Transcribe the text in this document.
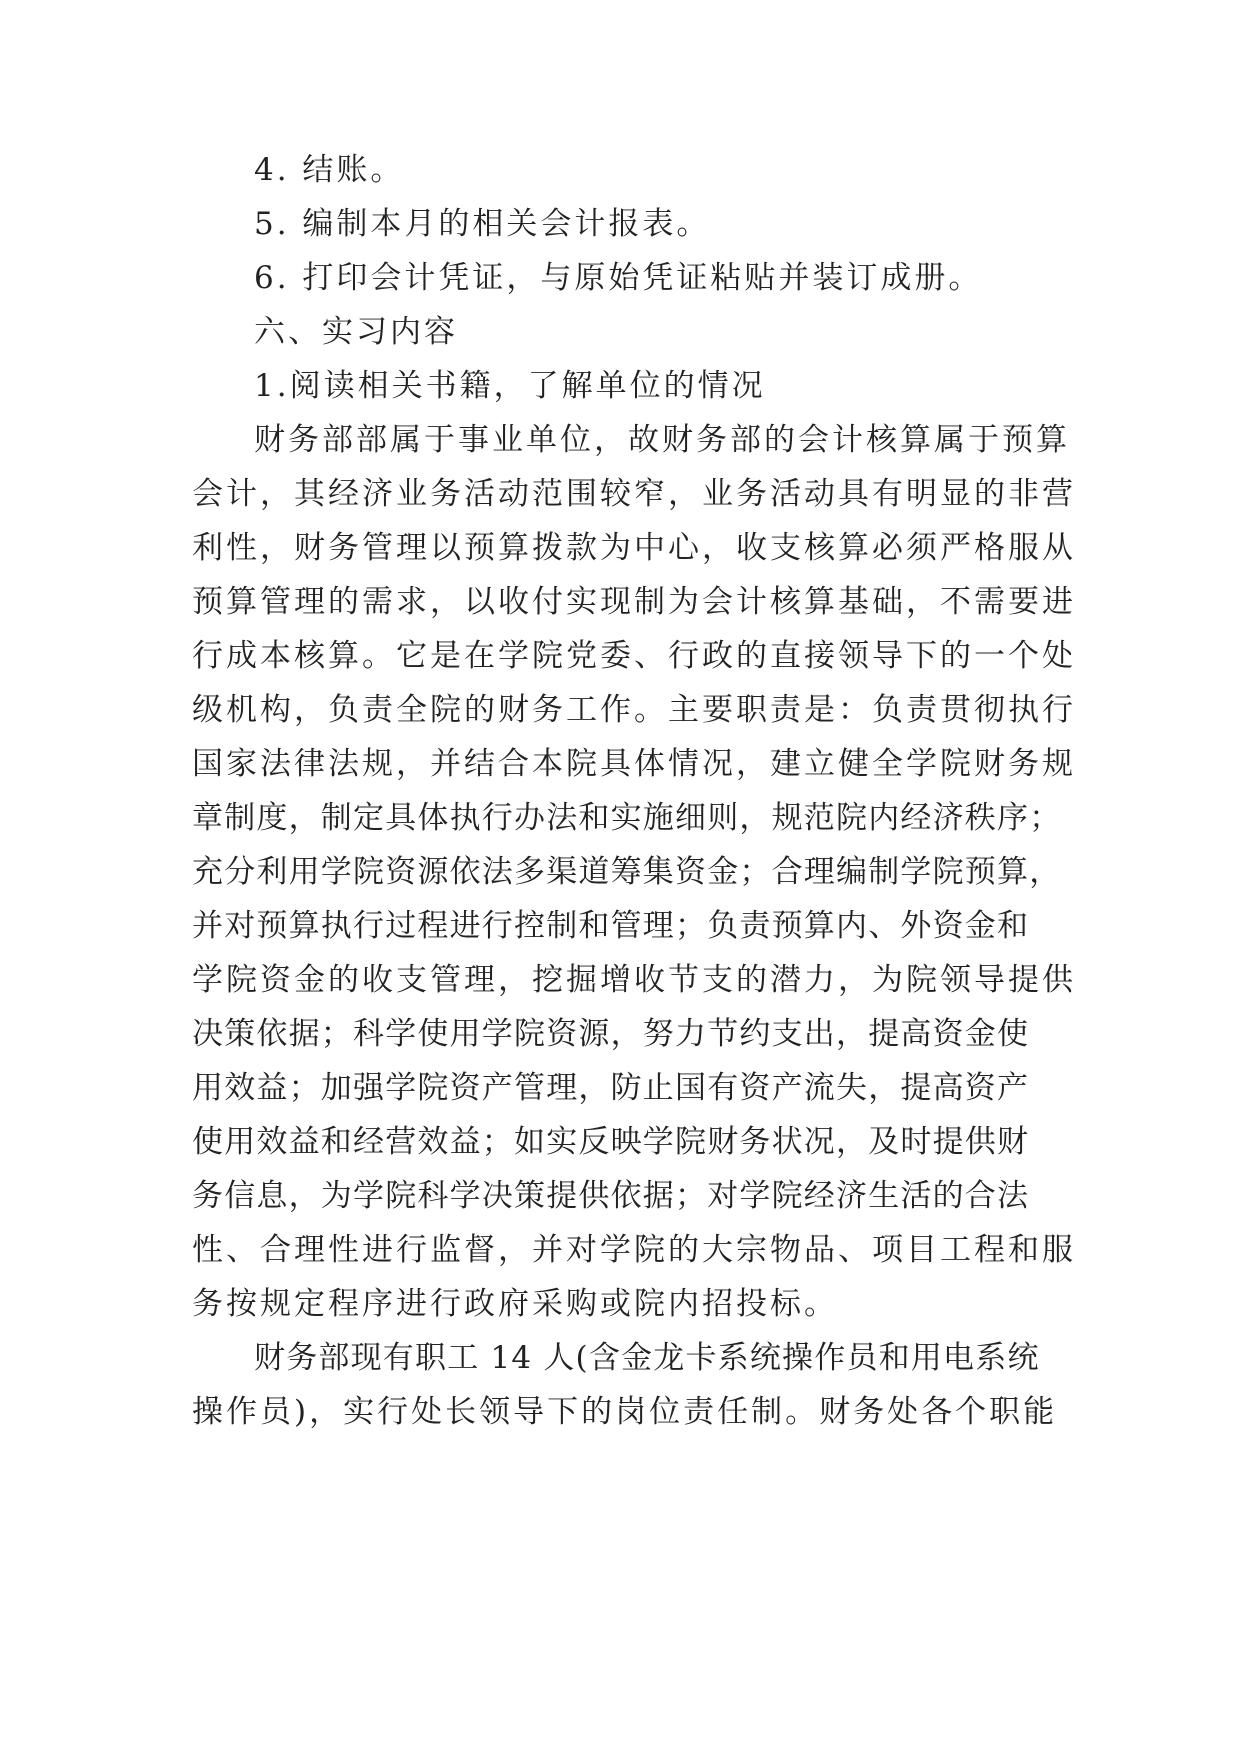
4. 结账。
5. 编制本月的相关会计报表。
6. 打印会计凭证，与原始凭证粘贴并装订成册。
六、实习内容
1.阅读相关书籍，了解单位的情况
财务部部属于事业单位，故财务部的会计核算属于预算
会计，其经济业务活动范围较窄，业务活动具有明显的非营
利性，财务管理以预算拨款为中心，收支核算必须严格服从
预算管理的需求，以收付实现制为会计核算基础，不需要进
行成本核算。它是在学院党委、行政的直接领导下的一个处
级机构，负责全院的财务工作。主要职责是：负责贯彻执行
国家法律法规，并结合本院具体情况，建立健全学院财务规
章制度，制定具体执行办法和实施细则，规范院内经济秩序；
充分利用学院资源依法多渠道筹集资金；合理编制学院预算，
并对预算执行过程进行控制和管理；负责预算内、外资金和
学院资金的收支管理，挖掘增收节支的潜力，为院领导提供
决策依据；科学使用学院资源，努力节约支出，提高资金使
用效益；加强学院资产管理，防止国有资产流失，提高资产
使用效益和经营效益；如实反映学院财务状况，及时提供财
务信息，为学院科学决策提供依据；对学院经济生活的合法
性、合理性进行监督，并对学院的大宗物品、项目工程和服
务按规定程序进行政府采购或院内招投标。
财务部现有职工 14 人(含金龙卡系统操作员和用电系统
操作员)，实行处长领导下的岗位责任制。财务处各个职能
